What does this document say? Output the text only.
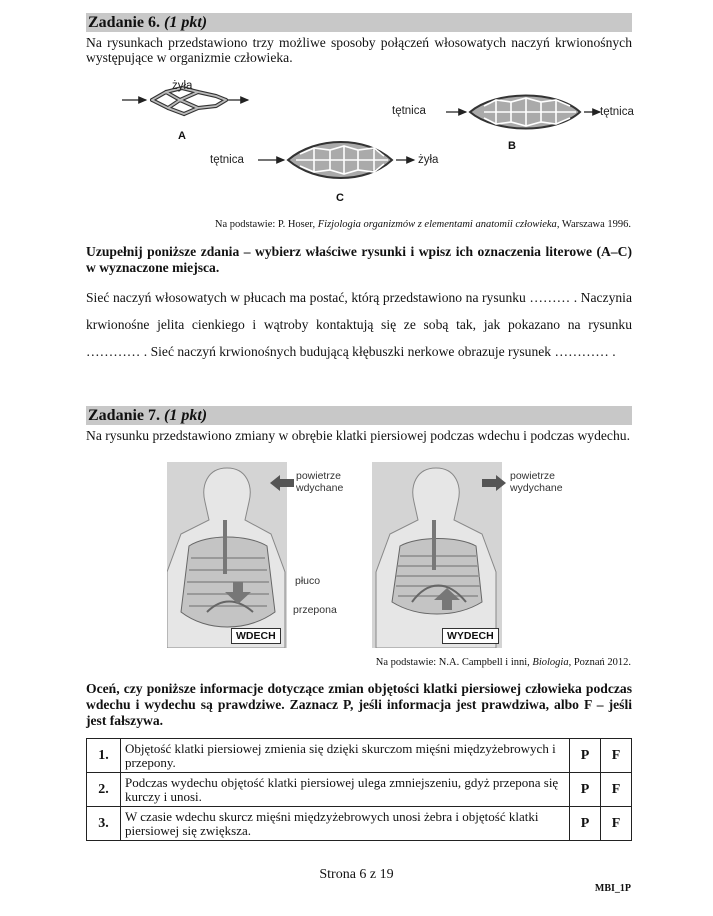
Zadanie 6. (1 pkt)
Na rysunkach przedstawiono trzy możliwe sposoby połączeń włosowatych naczyń krwionośnych występujące w organizmie człowieka.
żyła
A
tętnica	tętnica
B
tętnica	żyła
C
Na podstawie: P. Hoser, Fizjologia organizmów z elementami anatomii człowieka, Warszawa 1996.
Uzupełnij poniższe zdania – wybierz właściwe rysunki i wpisz ich oznaczenia literowe (A–C) w wyznaczone miejsca.
Sieć naczyń włosowatych w płucach ma postać, którą przedstawiono na rysunku ……… . Naczynia krwionośne jelita cienkiego i wątroby kontaktują się ze sobą tak, jak pokazano na rysunku ………… . Sieć naczyń krwionośnych budującą kłębuszki nerkowe obrazuje rysunek ………… .
Zadanie 7. (1 pkt)
Na rysunku przedstawiono zmiany w obrębie klatki piersiowej podczas wdechu i podczas wydechu.
powietrze
wdychane
płuco
przepona
WDECH
powietrze
wydychane
WYDECH
Na podstawie: N.A. Campbell i inni, Biologia, Poznań 2012.
Oceń, czy poniższe informacje dotyczące zmian objętości klatki piersiowej człowieka podczas wdechu i wydechu są prawdziwe. Zaznacz P, jeśli informacja jest prawdziwa, albo F – jeśli jest fałszywa.
1.	Objętość klatki piersiowej zmienia się dzięki skurczom mięśni międzyżebrowych i przepony.	P	F
2.	Podczas wydechu objętość klatki piersiowej ulega zmniejszeniu, gdyż przepona się kurczy i unosi.	P	F
3.	W czasie wdechu skurcz mięśni międzyżebrowych unosi żebra i objętość klatki piersiowej się zwiększa.	P	F
Strona 6 z 19
MBI_1P
